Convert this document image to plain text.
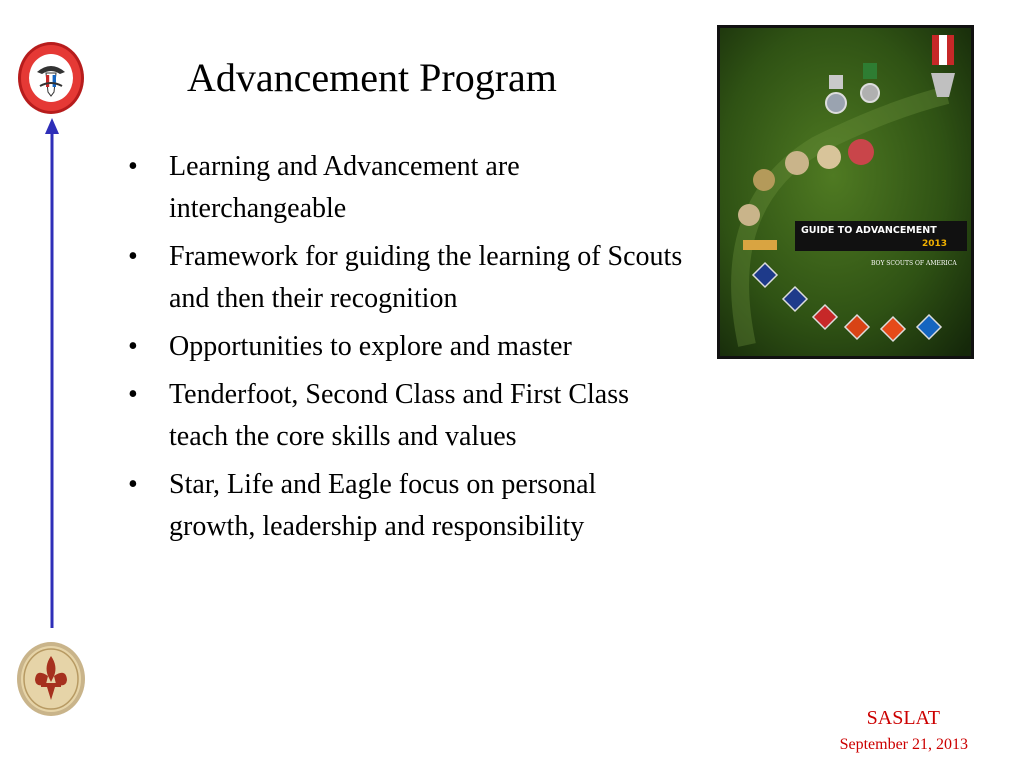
Advancement Program
• Learning and Advancement are interchangeable
• Framework for guiding the learning of Scouts and then their recognition
• Opportunities to explore and master
• Tenderfoot, Second Class and First Class teach the core skills and values
• Star, Life and Eagle focus on personal growth, leadership and responsibility
GUIDE TO ADVANCEMENT
2013
BOY SCOUTS OF AMERICA
SASLAT
September 21, 2013
